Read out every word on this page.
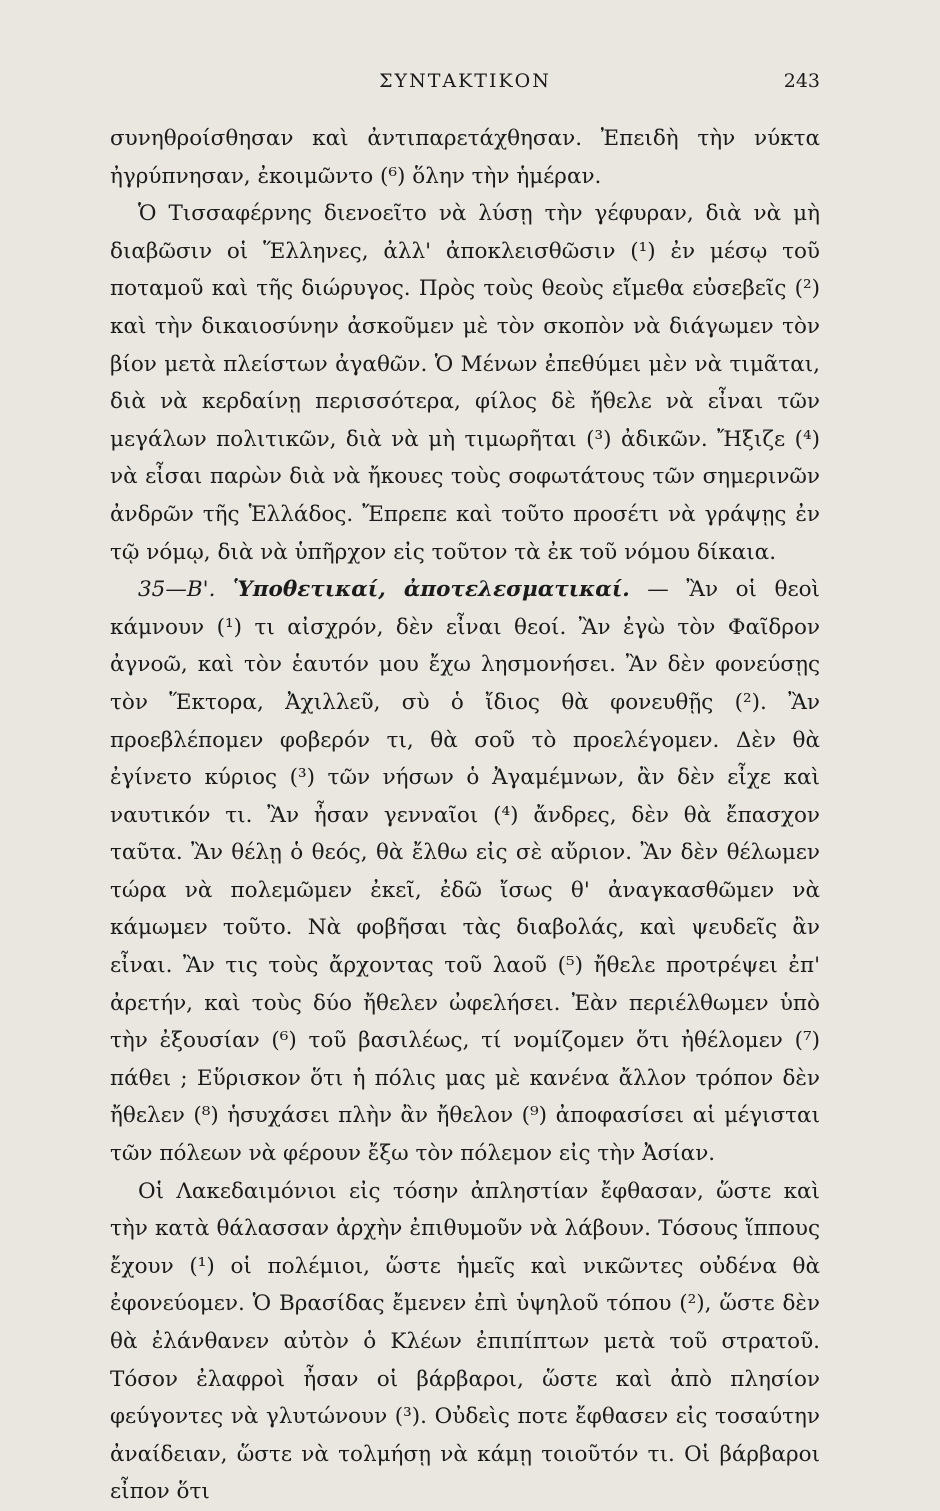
ΣΥΝΤΑΚΤΙΚΟΝ	243

συνηθροίσθησαν καὶ ἀντιπαρετάχθησαν. Ἐπειδὴ τὴν νύκτα ἠγρύπνησαν, ἐκοιμῶντο (⁶) ὅλην τὴν ἡμέραν.

Ὁ Τισσαφέρνης διενοεῖτο νὰ λύσῃ τὴν γέφυραν, διὰ νὰ μὴ διαβῶσιν οἱ Ἕλληνες, ἀλλ' ἀποκλεισθῶσιν (¹) ἐν μέσῳ τοῦ ποταμοῦ καὶ τῆς διώρυγος. Πρὸς τοὺς θεοὺς εἴμεθα εὐσεβεῖς (²) καὶ τὴν δικαιοσύνην ἀσκοῦμεν μὲ τὸν σκοπὸν νὰ διάγωμεν τὸν βίον μετὰ πλείστων ἀγαθῶν. Ὁ Μένων ἐπεθύμει μὲν νὰ τιμᾶται, διὰ νὰ κερδαίνῃ περισσότερα, φίλος δὲ ἤθελε νὰ εἶναι τῶν μεγάλων πολιτικῶν, διὰ νὰ μὴ τιμωρῆται (³) ἀδικῶν. Ἤξιζε (⁴) νὰ εἶσαι παρὼν διὰ νὰ ἤκουες τοὺς σοφωτάτους τῶν σημερινῶν ἀνδρῶν τῆς Ἑλλάδος. Ἔπρεπε καὶ τοῦτο προσέτι νὰ γράψῃς ἐν τῷ νόμῳ, διὰ νὰ ὑπῆρχον εἰς τοῦτον τὰ ἐκ τοῦ νόμου δίκαια.

35—Β'. Ὑποθετικαί, ἀποτελεσματικαί. — Ἂν οἱ θεοὶ κάμνουν (¹) τι αἰσχρόν, δὲν εἶναι θεοί. Ἂν ἐγὼ τὸν Φαῖδρον ἀγνοῶ, καὶ τὸν ἑαυτόν μου ἔχω λησμονήσει. Ἂν δὲν φονεύσῃς τὸν Ἕκτορα, Ἀχιλλεῦ, σὺ ὁ ἴδιος θὰ φονευθῇς (²). Ἂν προεβλέπομεν φοβερόν τι, θὰ σοῦ τὸ προελέγομεν. Δὲν θὰ ἐγίνετο κύριος (³) τῶν νήσων ὁ Ἀγαμέμνων, ἂν δὲν εἶχε καὶ ναυτικόν τι. Ἂν ἦσαν γενναῖοι (⁴) ἄνδρες, δὲν θὰ ἔπασχον ταῦτα. Ἂν θέλῃ ὁ θεός, θὰ ἔλθω εἰς σὲ αὔριον. Ἂν δὲν θέλωμεν τώρα νὰ πολεμῶμεν ἐκεῖ, ἐδῶ ἴσως θ' ἀναγκασθῶμεν νὰ κάμωμεν τοῦτο. Νὰ φοβῆσαι τὰς διαβολάς, καὶ ψευδεῖς ἂν εἶναι. Ἂν τις τοὺς ἄρχοντας τοῦ λαοῦ (⁵) ἤθελε προτρέψει ἐπ' ἀρετήν, καὶ τοὺς δύο ἤθελεν ὠφελήσει. Ἐὰν περιέλθωμεν ὑπὸ τὴν ἐξουσίαν (⁶) τοῦ βασιλέως, τί νομίζομεν ὅτι ἠθέλομεν (⁷) πάθει ; Εὕρισκον ὅτι ἡ πόλις μας μὲ κανένα ἄλλον τρόπον δὲν ἤθελεν (⁸) ἡσυχάσει πλὴν ἂν ἤθελον (⁹) ἀποφασίσει αἱ μέγισται τῶν πόλεων νὰ φέρουν ἔξω τὸν πόλεμον εἰς τὴν Ἀσίαν.

Οἱ Λακεδαιμόνιοι εἰς τόσην ἀπληστίαν ἔφθασαν, ὥστε καὶ τὴν κατὰ θάλασσαν ἀρχὴν ἐπιθυμοῦν νὰ λάβουν. Τόσους ἵππους ἔχουν (¹) οἱ πολέμιοι, ὥστε ἡμεῖς καὶ νικῶντες οὐδένα θὰ ἐφονεύομεν. Ὁ Βρασίδας ἔμενεν ἐπὶ ὑψηλοῦ τόπου (²), ὥστε δὲν θὰ ἐλάνθανεν αὐτὸν ὁ Κλέων ἐπιπίπτων μετὰ τοῦ στρατοῦ. Τόσον ἐλαφροὶ ἦσαν οἱ βάρβαροι, ὥστε καὶ ἀπὸ πλησίον φεύγοντες νὰ γλυτώνουν (³). Οὐδεὶς ποτε ἔφθασεν εἰς τοσαύτην ἀναίδειαν, ὥστε νὰ τολμήσῃ νὰ κάμῃ τοιοῦτόν τι. Οἱ βάρβαροι εἶπον ὅτι
